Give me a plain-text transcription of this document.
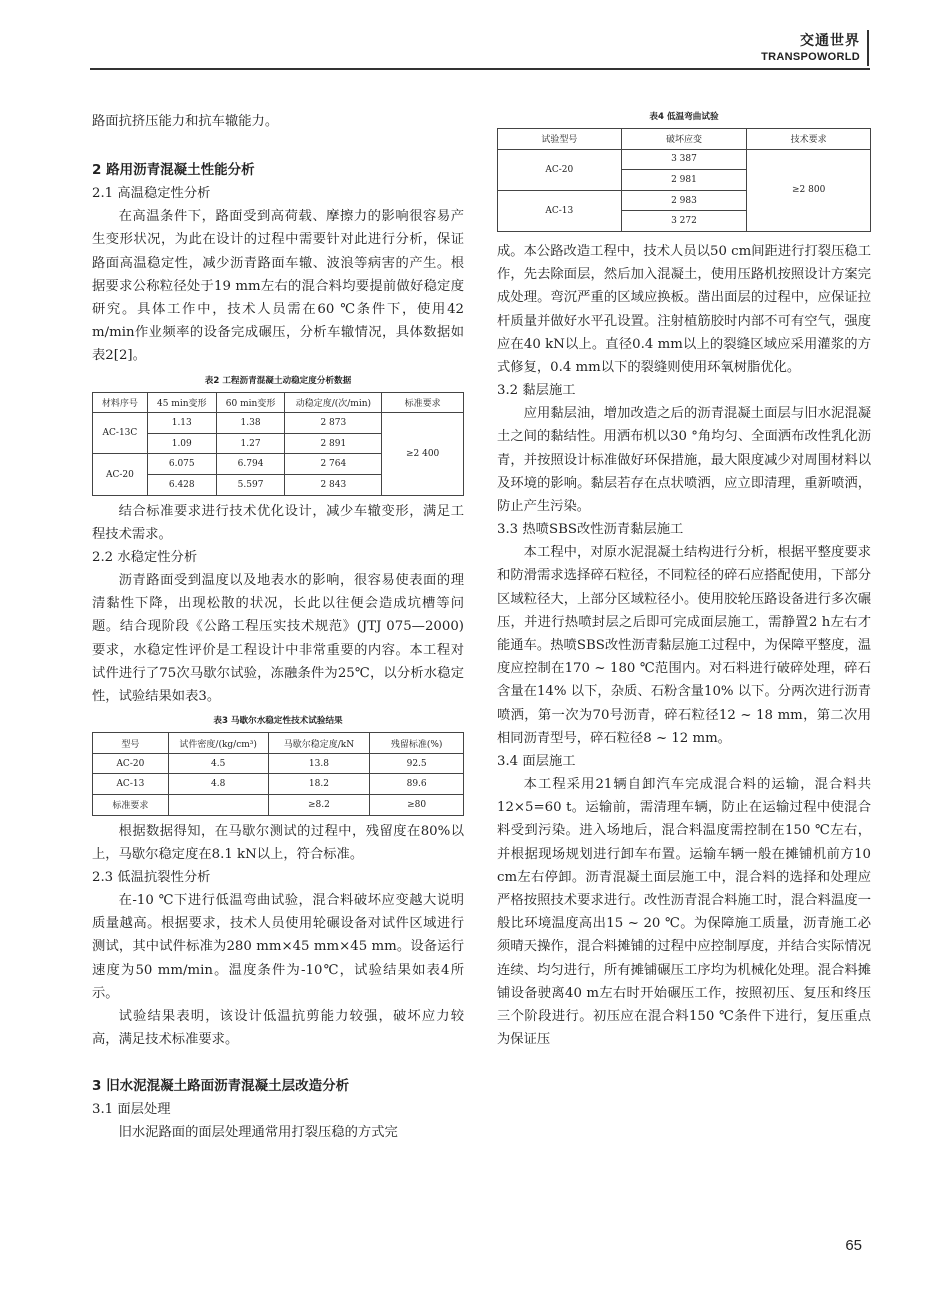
交通世界
TRANSPOWORLD

路面抗挤压能力和抗车辙能力。

2 路用沥青混凝土性能分析
2.1 高温稳定性分析

在高温条件下，路面受到高荷载、摩擦力的影响很容易产生变形状况，为此在设计的过程中需要针对此进行分析，保证路面高温稳定性，减少沥青路面车辙、波浪等病害的产生。根据要求公称粒径处于19 mm左右的混合料均要提前做好稳定度研究。具体工作中，技术人员需在60 ℃条件下，使用42 m/min作业频率的设备完成碾压，分析车辙情况，具体数据如表2[2]。

表2 工程沥青混凝土动稳定度分析数据
材料序号	45 min变形	60 min变形	动稳定度/(次/min)	标准要求
AC-13C	1.13	1.38	2 873	≥2 400
	1.09	1.27	2 891	
AC-20	6.075	6.794	2 764	
	6.428	5.597	2 843	

结合标准要求进行技术优化设计，减少车辙变形，满足工程技术需求。

2.2 水稳定性分析

沥青路面受到温度以及地表水的影响，很容易使表面的理清黏性下降，出现松散的状况，长此以往便会造成坑槽等问题。结合现阶段《公路工程压实技术规范》(JTJ 075—2000) 要求，水稳定性评价是工程设计中非常重要的内容。本工程对试件进行了75次马歇尔试验，冻融条件为25℃，以分析水稳定性，试验结果如表3。

表3 马歇尔水稳定性技术试验结果
型号	试件密度/(kg/cm³)	马歇尔稳定度/kN	残留标准(%)
AC-20	4.5	13.8	92.5
AC-13	4.8	18.2	89.6
标准要求		≥8.2	≥80

根据数据得知，在马歇尔测试的过程中，残留度在80%以上，马歇尔稳定度在8.1 kN以上，符合标准。

2.3 低温抗裂性分析

在-10 ℃下进行低温弯曲试验，混合料破坏应变越大说明质量越高。根据要求，技术人员使用轮碾设备对试件区域进行测试，其中试件标准为280 mm×45 mm×45 mm。设备运行速度为50 mm/min。温度条件为-10℃，试验结果如表4所示。

试验结果表明，该设计低温抗剪能力较强，破坏应力较高，满足技术标准要求。

3 旧水泥混凝土路面沥青混凝土层改造分析
3.1 面层处理

旧水泥路面的面层处理通常用打裂压稳的方式完

表4 低温弯曲试验
试验型号	破坏应变	技术要求
AC-20	3 387	≥2 800
	2 981	
AC-13	2 983	
	3 272	

成。本公路改造工程中，技术人员以50 cm间距进行打裂压稳工作，先去除面层，然后加入混凝土，使用压路机按照设计方案完成处理。弯沉严重的区域应换板。凿出面层的过程中，应保证拉杆质量并做好水平孔设置。注射植筋胶时内部不可有空气，强度应在40 kN以上。直径0.4 mm以上的裂缝区域应采用灌浆的方式修复，0.4 mm以下的裂缝则使用环氧树脂优化。

3.2 黏层施工

应用黏层油，增加改造之后的沥青混凝土面层与旧水泥混凝土之间的黏结性。用洒布机以30 °角均匀、全面洒布改性乳化沥青，并按照设计标准做好环保措施，最大限度减少对周围材料以及环境的影响。黏层若存在点状喷洒，应立即清理，重新喷洒，防止产生污染。

3.3 热喷SBS改性沥青黏层施工

本工程中，对原水泥混凝土结构进行分析，根据平整度要求和防滑需求选择碎石粒径，不同粒径的碎石应搭配使用，下部分区域粒径大，上部分区域粒径小。使用胶轮压路设备进行多次碾压，并进行热喷封层之后即可完成面层施工，需静置2 h左右才能通车。热喷SBS改性沥青黏层施工过程中，为保障平整度，温度应控制在170 ~ 180 ℃范围内。对石料进行破碎处理，碎石含量在14% 以下，杂质、石粉含量10% 以下。分两次进行沥青喷洒，第一次为70号沥青，碎石粒径12 ~ 18 mm，第二次用相同沥青型号，碎石粒径8 ~ 12 mm。

3.4 面层施工

本工程采用21辆自卸汽车完成混合料的运输，混合料共12×5=60 t。运输前，需清理车辆，防止在运输过程中使混合料受到污染。进入场地后，混合料温度需控制在150 ℃左右，并根据现场规划进行卸车布置。运输车辆一般在摊铺机前方10 cm左右停卸。沥青混凝土面层施工中，混合料的选择和处理应严格按照技术要求进行。改性沥青混合料施工时，混合料温度一般比环境温度高出15 ~ 20 ℃。为保障施工质量，沥青施工必须晴天操作，混合料摊铺的过程中应控制厚度，并结合实际情况连续、均匀进行，所有摊铺碾压工序均为机械化处理。混合料摊铺设备驶离40 m左右时开始碾压工作，按照初压、复压和终压三个阶段进行。初压应在混合料150 ℃条件下进行，复压重点为保证压

65
